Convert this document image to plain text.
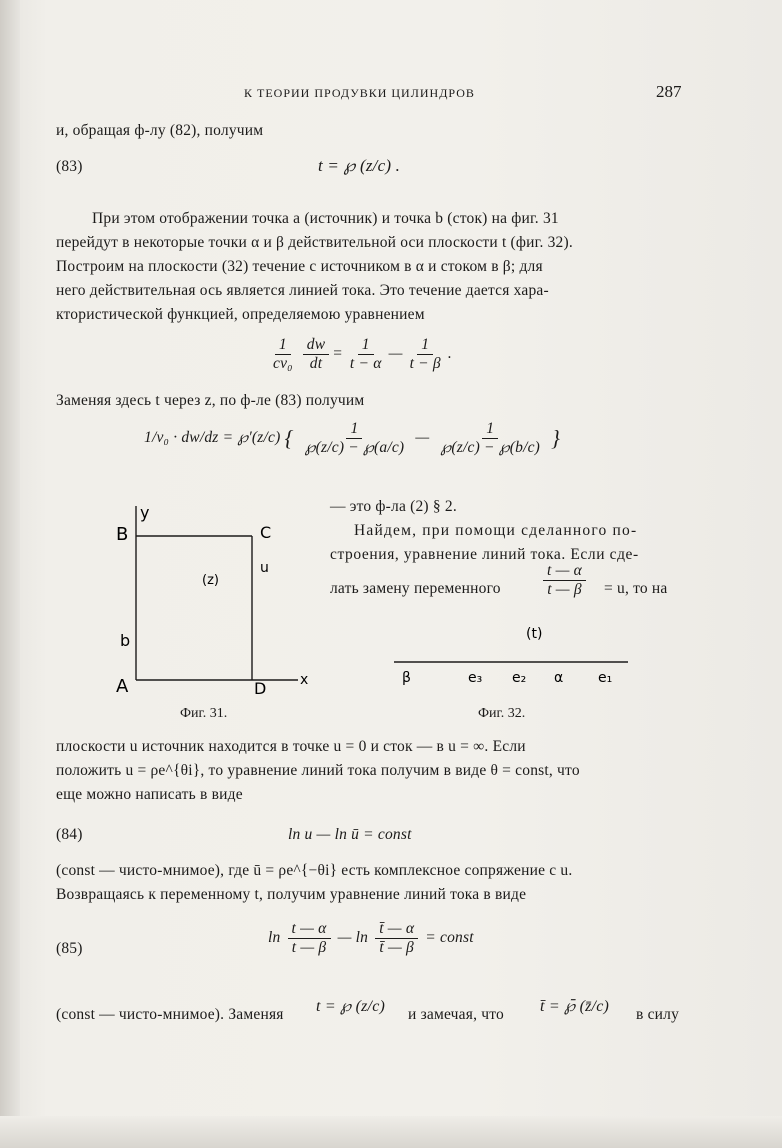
К ТЕОРИИ ПРОДУВКИ ЦИЛИНДРОВ	287
и, обращая ф-лу (82), получим
(83)	t = ℘ (z/c) .
При этом отображении точка a (источник) и точка b (сток) на фиг. 31
перейдут в некоторые точки α и β действительной оси плоскости t (фиг. 32).
Построим на плоскости (32) течение с источником в α и стоком в β; для
него действительная ось является линией тока. Это течение дается хара-
ктористической функцией, определяемою уравнением
$\frac{1}{\text{cv₀}} \frac{dw}{dt} = \frac{1}{t - \alpha}$ — $\frac{1}{t - \beta}$ .
Заменяя здесь t через z, по ф-ле (83) получим
1/v₀ · dw/dz = ℘′(z/c) { $\frac{1}{℘(z/c) - ℘(a/c)}$ — $\frac{1}{℘(z/c) - ℘(b/c)}$ }
y
B	C
(z)
u
b
A	D x
Фиг. 31.
— это ф-ла (2) § 2.
Найдем, при помощи сделанного по-
строения, уравнение линий тока. Если сде-
лать замену переменного	$\frac{t — \alpha}{t — \beta} = u$, то на
(t)
β	e₃ e₂ α e₁
Фиг. 32.
плоскости u источник находится в точке u = 0 и сток — в u = ∞. Если
положить u = ρe^{θi}, то уравнение линий тока получим в виде θ = const, что
еще можно написать в виде
(84)	ln u — ln ū = const
(const — чисто-мнимое), где ū = ρe^{−θi} есть комплексное сопряжение с u.
Возвращаясь к переменному t, получим уравнение линий тока в виде
(85)
$\ln \frac{t — \alpha}{t — \beta}$ — $\ln \frac{t̄ — \alpha}{t̄ — \beta}$ = const
(const — чисто-мнимое). Заменяя t = ℘ (z/c) и замечая, что t̄ = ℘̄ (z̄/c) в силу
